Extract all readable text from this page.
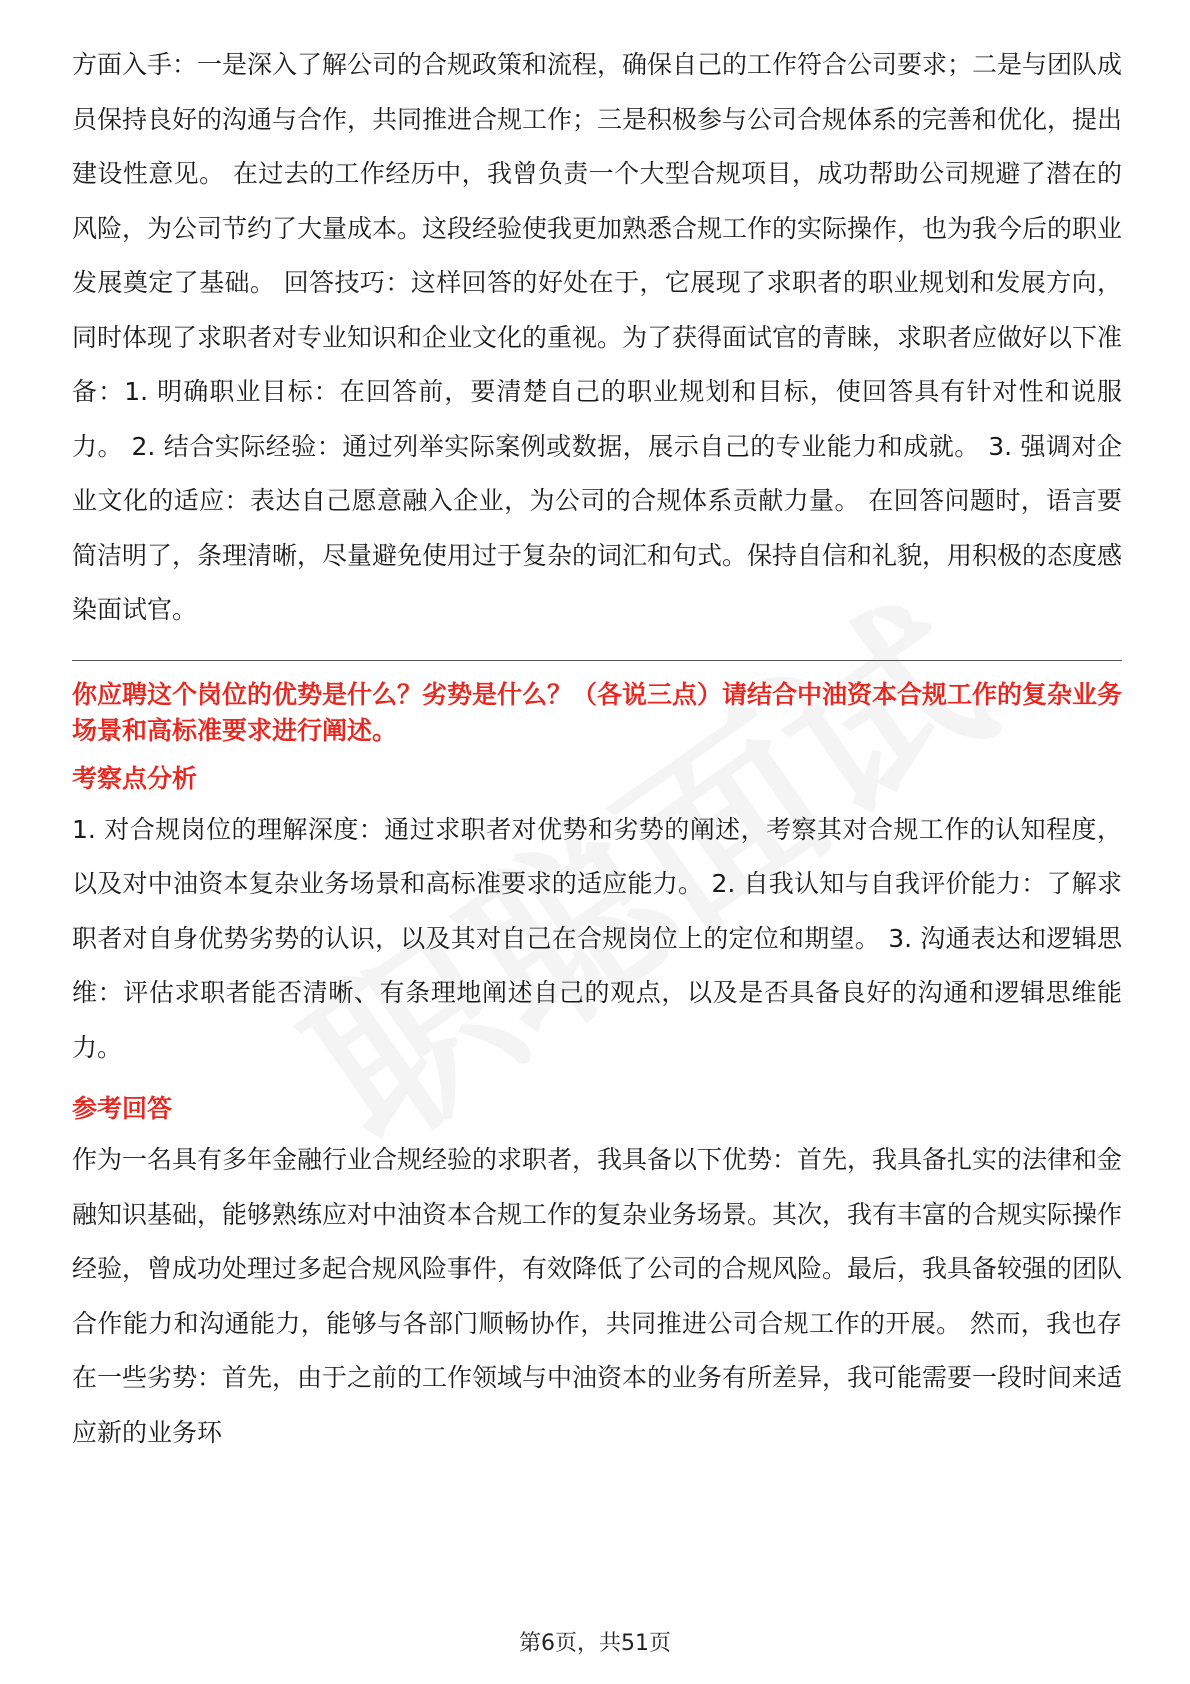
方面入手：一是深入了解公司的合规政策和流程，确保自己的工作符合公司要求；二是与团队成员保持良好的沟通与合作，共同推进合规工作；三是积极参与公司合规体系的完善和优化，提出建设性意见。 在过去的工作经历中，我曾负责一个大型合规项目，成功帮助公司规避了潜在的风险，为公司节约了大量成本。这段经验使我更加熟悉合规工作的实际操作，也为我今后的职业发展奠定了基础。 回答技巧：这样回答的好处在于，它展现了求职者的职业规划和发展方向，同时体现了求职者对专业知识和企业文化的重视。为了获得面试官的青睐，求职者应做好以下准备：1. 明确职业目标：在回答前，要清楚自己的职业规划和目标，使回答具有针对性和说服力。 2. 结合实际经验：通过列举实际案例或数据，展示自己的专业能力和成就。 3. 强调对企业文化的适应：表达自己愿意融入企业，为公司的合规体系贡献力量。 在回答问题时，语言要简洁明了，条理清晰，尽量避免使用过于复杂的词汇和句式。保持自信和礼貌，用积极的态度感染面试官。

你应聘这个岗位的优势是什么？劣势是什么？（各说三点）请结合中油资本合规工作的复杂业务场景和高标准要求进行阐述。

考察点分析

1. 对合规岗位的理解深度：通过求职者对优势和劣势的阐述，考察其对合规工作的认知程度，以及对中油资本复杂业务场景和高标准要求的适应能力。 2. 自我认知与自我评价能力：了解求职者对自身优势劣势的认识，以及其对自己在合规岗位上的定位和期望。 3. 沟通表达和逻辑思维：评估求职者能否清晰、有条理地阐述自己的观点，以及是否具备良好的沟通和逻辑思维能力。

参考回答

作为一名具有多年金融行业合规经验的求职者，我具备以下优势：首先，我具备扎实的法律和金融知识基础，能够熟练应对中油资本合规工作的复杂业务场景。其次，我有丰富的合规实际操作经验，曾成功处理过多起合规风险事件，有效降低了公司的合规风险。最后，我具备较强的团队合作能力和沟通能力，能够与各部门顺畅协作，共同推进公司合规工作的开展。 然而，我也存在一些劣势：首先，由于之前的工作领域与中油资本的业务有所差异，我可能需要一段时间来适应新的业务环

第6页，共51页
